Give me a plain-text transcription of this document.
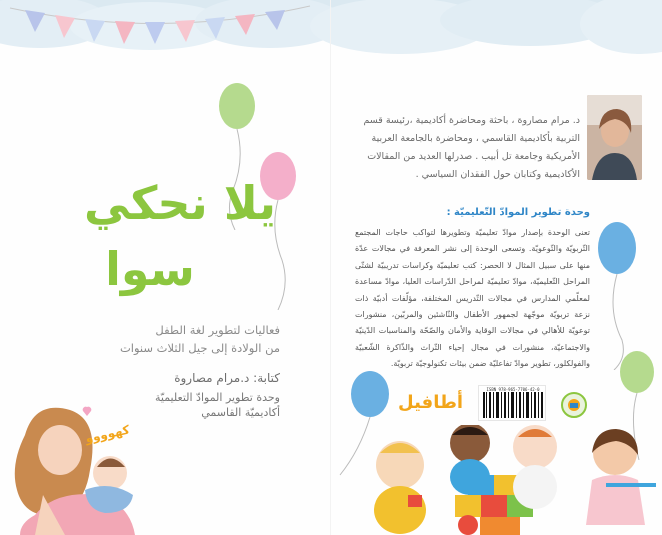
يلا نحكي
سوا
فعاليات لتطوير لغة الطفل
من الولادة إلى جيل الثلاث سنوات
كتابة: د.مرام مصاروة
وحدة تطوير الموادّ التعليميّة
أكاديميّة القاسمي
كهوووو
د. مرام مصاروة ، باحثة ومحاضرة أكاديمية ،رئيسة قسم التربية بأكاديمية القاسمي ، ومحاضرة بالجامعة العربية الأمريكية وجامعة تل أبيب . صدرلها العديد من المقالات الأكاديمية وكتابان حول الفقدان السياسي .
وحدة تطوير الموادّ التّعليميّة :
تعنى الوحدة بإصدار موادّ تعليميّة وتطويرها لتواكب حاجات المجتمع التّربويّة والتّوعويّة. وتسعى الوحدة إلى نشر المعرفة في مجالات عدّة منها على سبيل المثال لا الحصر: كتب تعليميّة وكراسات تدريبيّة لشتّى المراحل التّعليميّة، موادّ تعليميّة لمراحل الدّراسات العليا، موادّ مساعدة لمعلّمي المدارس في مجالات التّدريس المختلفة، مؤلّفات أدبيّة ذات نزعة تربويّة موجّهة لجمهور الأطفال والنّاشئين والمربّين، منشورات توعويّة للأهالي في مجالات الوقاية والأمان والصّحّة والمناسبات الدّينيّة والاجتماعيّة، منشورات في مجال إحياء التّراث والذّاكرة الشّعبيّة والفولكلور، تطوير موادّ تفاعليّة ضمن بيئات تكنولوجيّة تربويّة.
أطافيل
ISBN 978-965-7706-42-0
